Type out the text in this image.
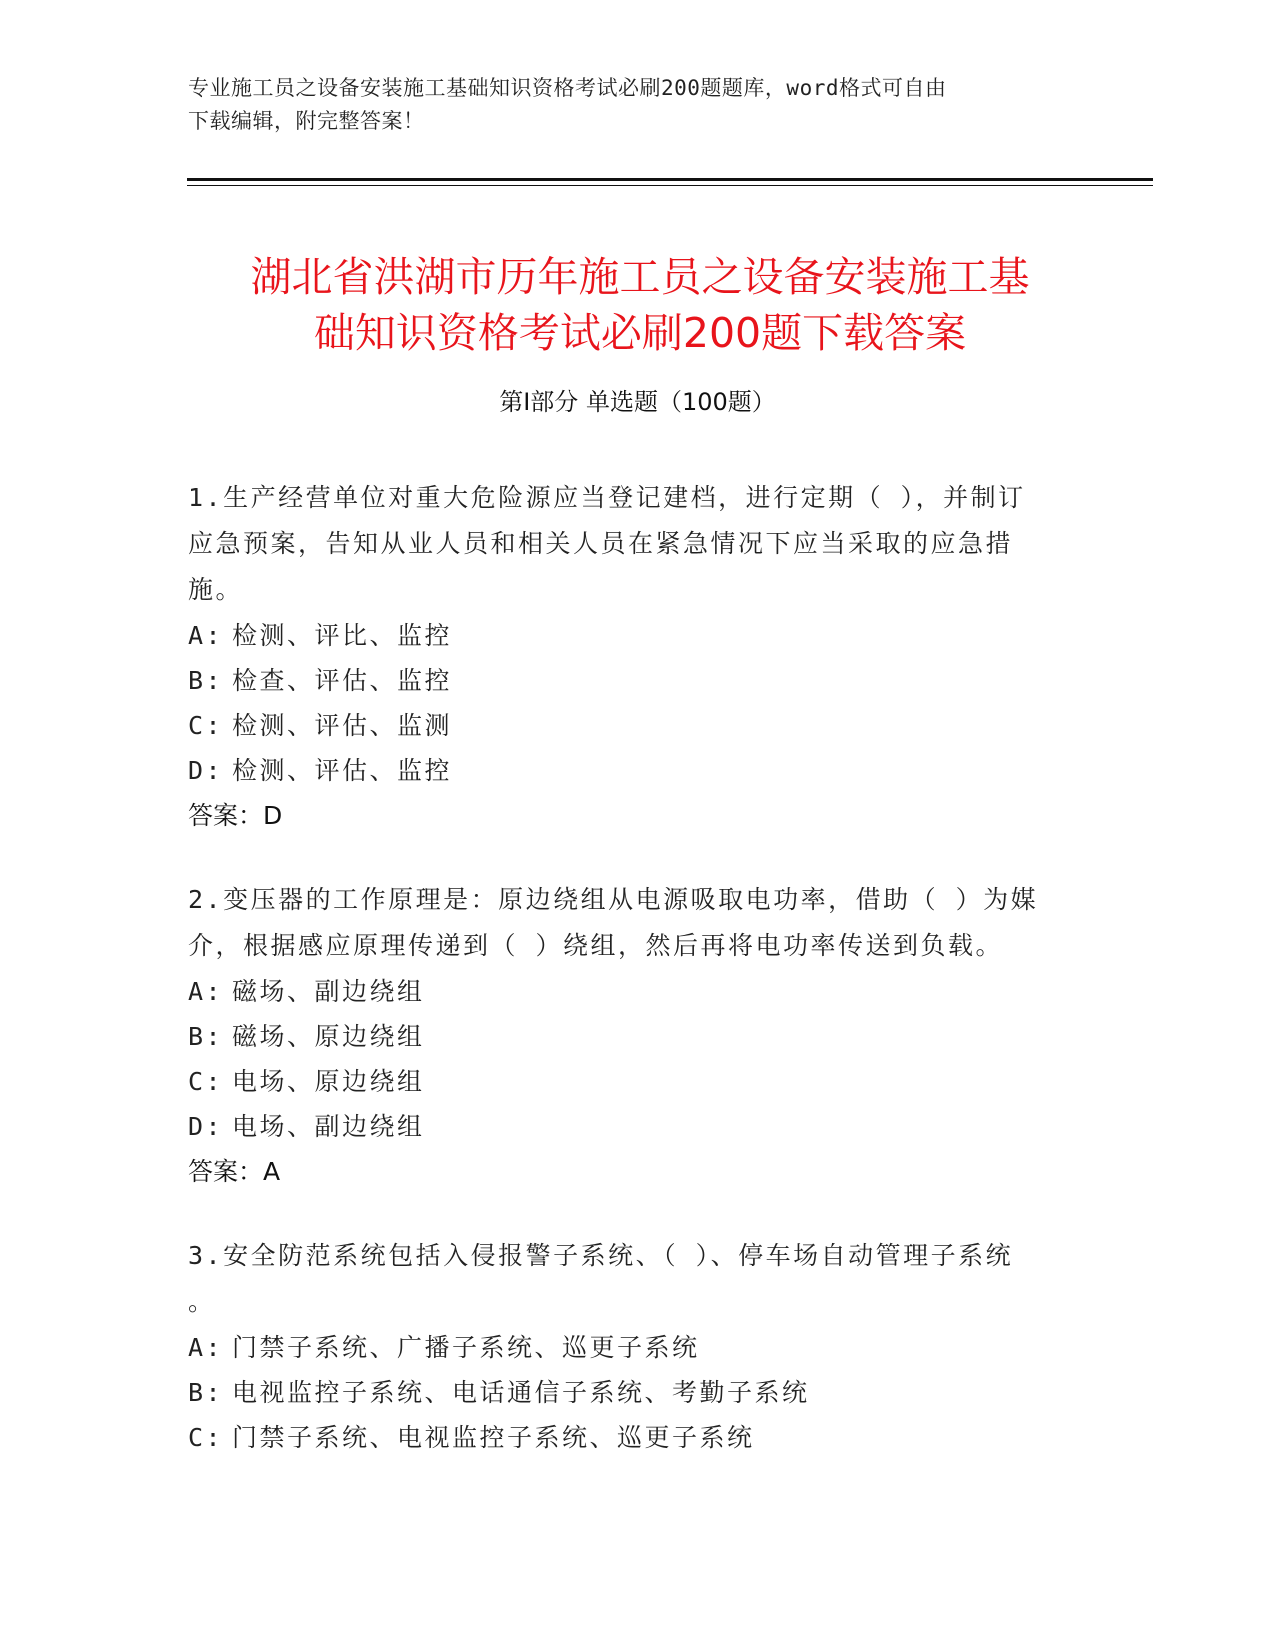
专业施工员之设备安装施工基础知识资格考试必刷200题题库，word格式可自由
下载编辑，附完整答案！
湖北省洪湖市历年施工员之设备安装施工基
础知识资格考试必刷200题下载答案
第Ⅰ部分 单选题（100题）
1.生产经营单位对重大危险源应当登记建档，进行定期（ ），并制订
应急预案，告知从业人员和相关人员在紧急情况下应当采取的应急措
施。
A: 检测、评比、监控
B: 检查、评估、监控
C: 检测、评估、监测
D: 检测、评估、监控
答案：D
2.变压器的工作原理是：原边绕组从电源吸取电功率，借助（ ）为媒
介，根据感应原理传递到（ ）绕组，然后再将电功率传送到负载。
A: 磁场、副边绕组
B: 磁场、原边绕组
C: 电场、原边绕组
D: 电场、副边绕组
答案：A
3.安全防范系统包括入侵报警子系统、（ ）、停车场自动管理子系统
。
A: 门禁子系统、广播子系统、巡更子系统
B: 电视监控子系统、电话通信子系统、考勤子系统
C: 门禁子系统、电视监控子系统、巡更子系统
